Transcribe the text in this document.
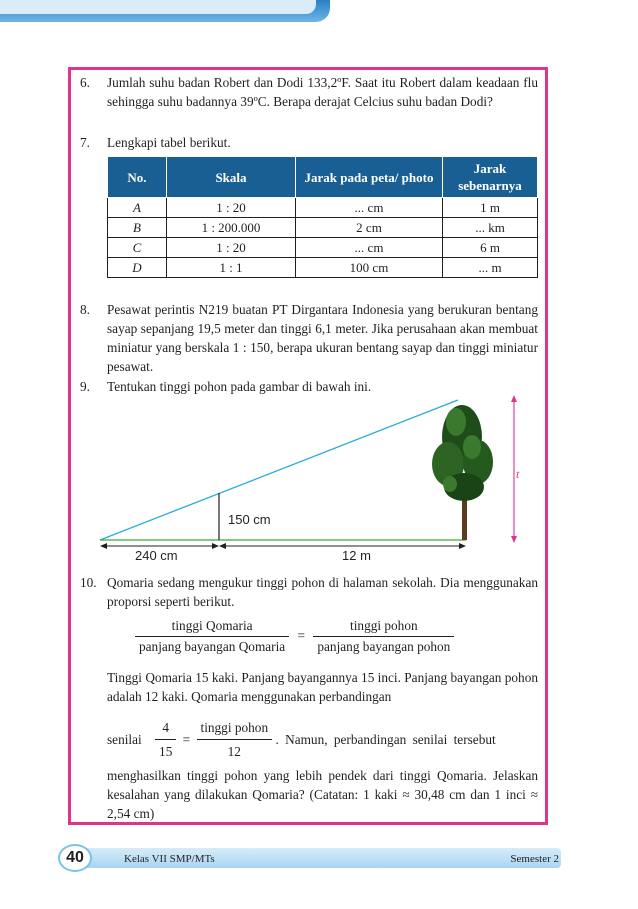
6. Jumlah suhu badan Robert dan Dodi 133,2ºF. Saat itu Robert dalam keadaan flu sehingga suhu badannya 39ºC. Berapa derajat Celcius suhu badan Dodi?
7. Lengkapi tabel berikut.
No.	Skala	Jarak pada peta/ photo	Jarak sebenarnya
A	1 : 20	... cm	1 m
B	1 : 200.000	2 cm	... km
C	1 : 20	... cm	6 m
D	1 : 1	100 cm	... m
8. Pesawat perintis N219 buatan PT Dirgantara Indonesia yang berukuran bentang sayap sepanjang 19,5 meter dan tinggi 6,1 meter. Jika perusahaan akan membuat miniatur yang berskala 1 : 150, berapa ukuran bentang sayap dan tinggi miniatur pesawat.
9. Tentukan tinggi pohon pada gambar di bawah ini.
150 cm
240 cm	12 m
t
10. Qomaria sedang mengukur tinggi pohon di halaman sekolah. Dia menggunakan proporsi seperti berikut.
$\frac{\text{tinggi Qomaria}}{\text{panjang bayangan Qomaria}} = \frac{\text{tinggi pohon}}{\text{panjang bayangan pohon}}$
Tinggi Qomaria 15 kaki. Panjang bayangannya 15 inci. Panjang bayangan pohon adalah 12 kaki. Qomaria menggunakan perbandingan
senilai $\frac{4}{15} = \frac{\text{tinggi pohon}}{12}$ . Namun, perbandingan senilai tersebut
menghasilkan tinggi pohon yang lebih pendek dari tinggi Qomaria. Jelaskan kesalahan yang dilakukan Qomaria? (Catatan: 1 kaki ≈ 30,48 cm dan 1 inci ≈ 2,54 cm)
40	Kelas VII SMP/MTs	Semester 2
